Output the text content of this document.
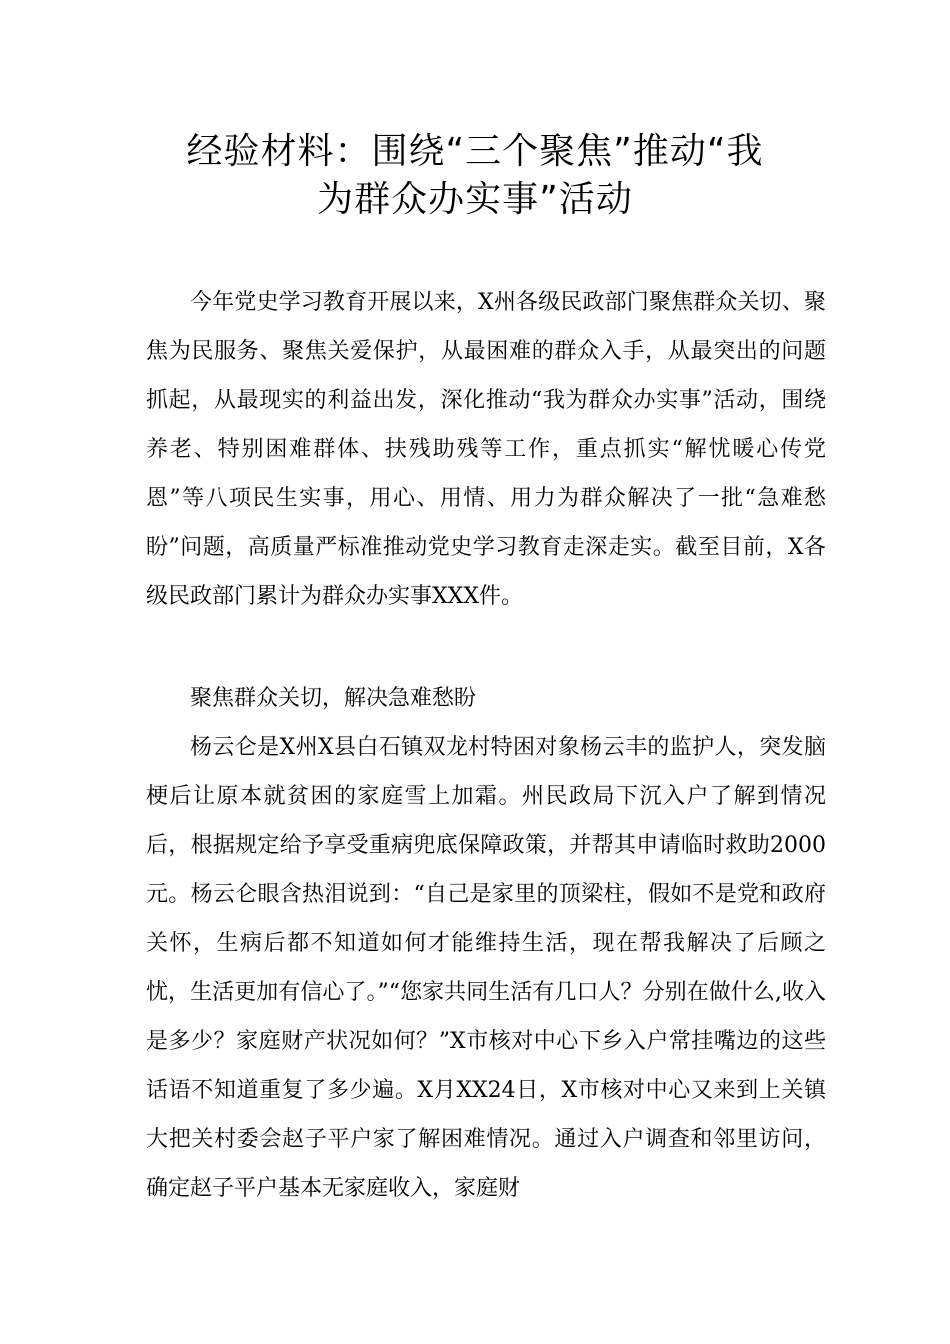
经验材料：围绕“三个聚焦”推动“我
为群众办实事”活动

今年党史学习教育开展以来，X州各级民政部门聚焦群众关切、聚焦为民服务、聚焦关爱保护，从最困难的群众入手，从最突出的问题抓起，从最现实的利益出发，深化推动“我为群众办实事”活动，围绕养老、特别困难群体、扶残助残等工作，重点抓实“解忧暖心传党恩”等八项民生实事，用心、用情、用力为群众解决了一批“急难愁盼”问题，高质量严标准推动党史学习教育走深走实。截至目前，X各级民政部门累计为群众办实事XXX件。

聚焦群众关切，解决急难愁盼

杨云仑是X州X县白石镇双龙村特困对象杨云丰的监护人，突发脑梗后让原本就贫困的家庭雪上加霜。州民政局下沉入户了解到情况后，根据规定给予享受重病兜底保障政策，并帮其申请临时救助2000元。杨云仑眼含热泪说到：“自己是家里的顶梁柱，假如不是党和政府关怀，生病后都不知道如何才能维持生活，现在帮我解决了后顾之忧，生活更加有信心了。”“您家共同生活有几口人？分别在做什么,收入是多少？家庭财产状况如何？”X市核对中心下乡入户常挂嘴边的这些话语不知道重复了多少遍。X月XX24日，X市核对中心又来到上关镇大把关村委会赵子平户家了解困难情况。通过入户调查和邻里访问，确定赵子平户基本无家庭收入，家庭财
